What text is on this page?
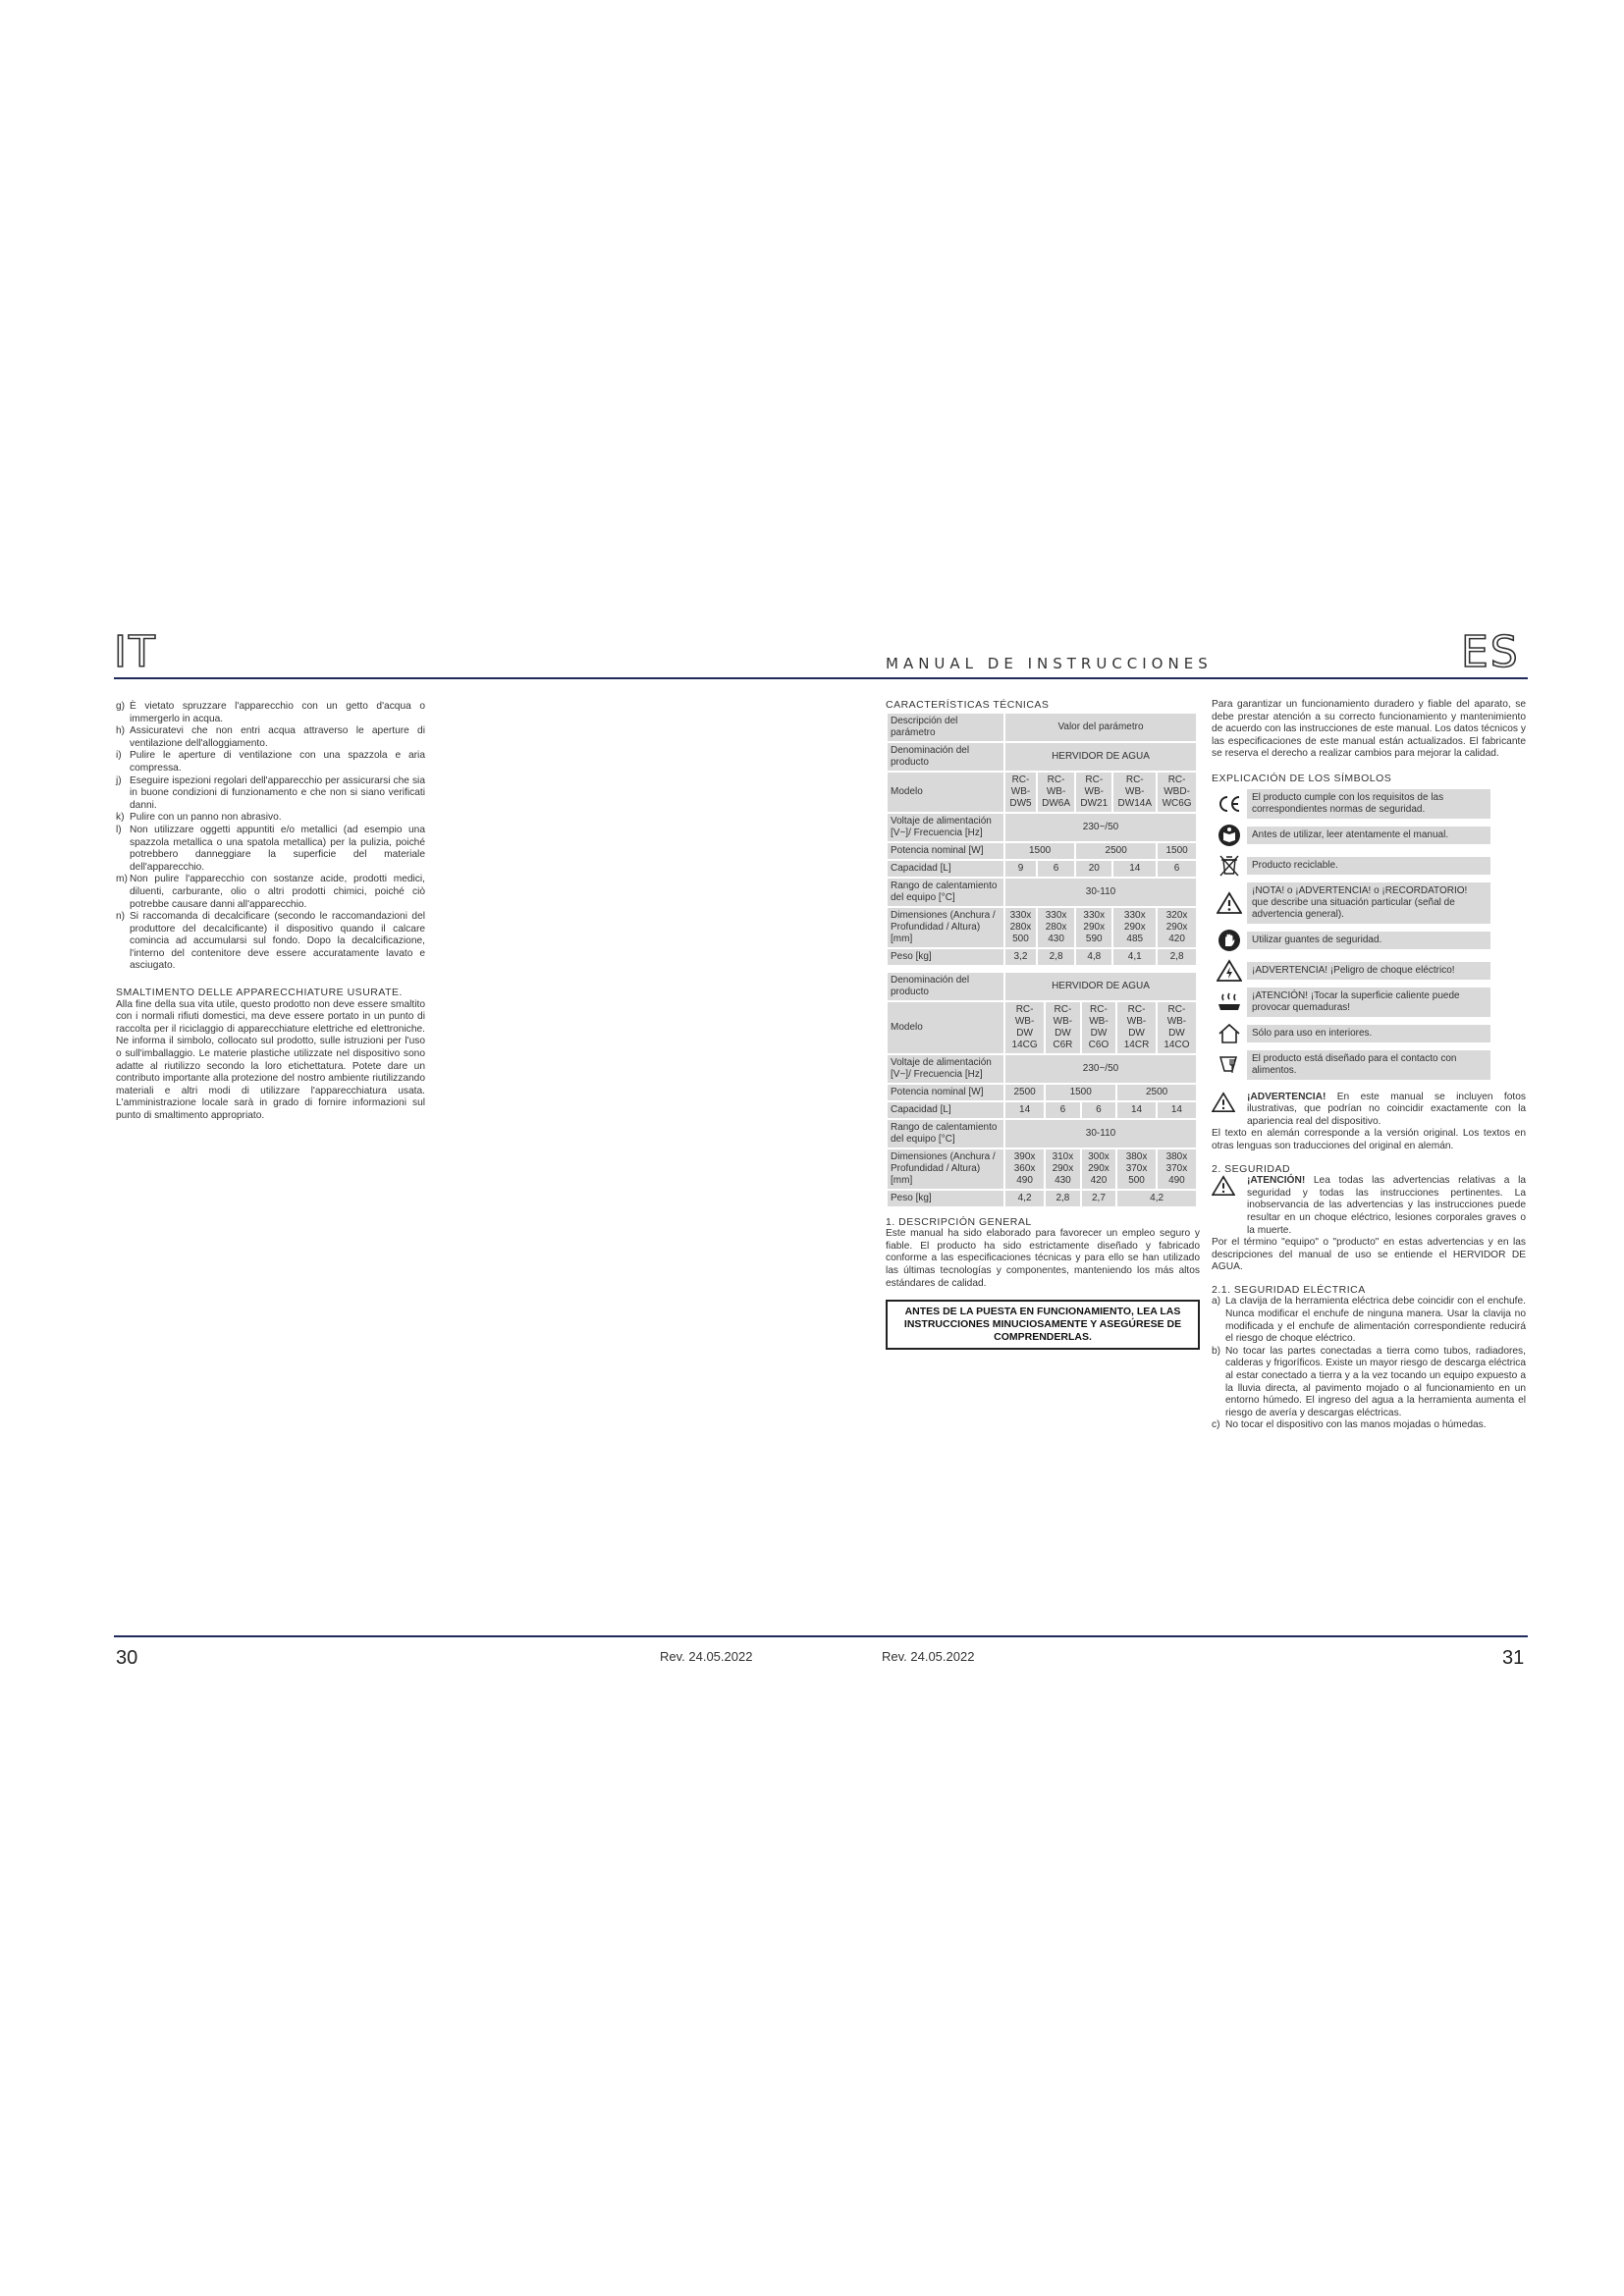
IT	ES
MANUAL DE INSTRUCCIONES
g) È vietato spruzzare l'apparecchio con un getto d'acqua o immergerlo in acqua.
h) Assicuratevi che non entri acqua attraverso le aperture di ventilazione dell'alloggiamento.
i) Pulire le aperture di ventilazione con una spazzola e aria compressa.
j) Eseguire ispezioni regolari dell'apparecchio per assicurarsi che sia in buone condizioni di funzionamento e che non si siano verificati danni.
k) Pulire con un panno non abrasivo.
l) Non utilizzare oggetti appuntiti e/o metallici (ad esempio una spazzola metallica o una spatola metallica) per la pulizia, poiché potrebbero danneggiare la superficie del materiale dell'apparecchio.
m) Non pulire l'apparecchio con sostanze acide, prodotti medici, diluenti, carburante, olio o altri prodotti chimici, poiché ciò potrebbe causare danni all'apparecchio.
n) Si raccomanda di decalcificare (secondo le raccomandazioni del produttore del decalcificante) il dispositivo quando il calcare comincia ad accumularsi sul fondo. Dopo la decalcificazione, l'interno del contenitore deve essere accuratamente lavato e asciugato.

SMALTIMENTO DELLE APPARECCHIATURE USURATE.

Alla fine della sua vita utile, questo prodotto non deve essere smaltito con i normali rifiuti domestici, ma deve essere portato in un punto di raccolta per il riciclaggio di apparecchiature elettriche ed elettroniche. Ne informa il simbolo, collocato sul prodotto, sulle istruzioni per l'uso o sull'imballaggio. Le materie plastiche utilizzate nel dispositivo sono adatte al riutilizzo secondo la loro etichettatura. Potete dare un contributo importante alla protezione del nostro ambiente riutilizzando materiali e altri modi di utilizzare l'apparecchiatura usata. L'amministrazione locale sarà in grado di fornire informazioni sul punto di smaltimento appropriato.

CARACTERÍSTICAS TÉCNICAS

Descripción del parámetro	Valor del parámetro				
Denominación del producto	HERVIDOR DE AGUA				
Modelo	RC-WB-DW5	RC-WB-DW6A	RC-WB-DW21	RC-WB-DW14A	RC-WBD-WC6G
Voltaje de alimentación [V~]/ Frecuencia [Hz]	230~/50				
Potencia nominal [W]	1500		2500		1500
Capacidad [L]	9	6	20	14	6
Rango de calentamiento del equipo [°C]	30-110				
Dimensiones (Anchura / Profundidad / Altura) [mm]	330x 280x 500	330x 280x 430	330x 290x 590	330x 290x 485	320x 290x 420
Peso [kg]	3,2	2,8	4,8	4,1	2,8
Denominación del producto	HERVIDOR DE AGUA				
Modelo	RC-WB-DW 14CG	RC-WB-DW C6R	RC-WB-DW C6O	RC-WB-DW 14CR	RC-WB-DW 14CO
Voltaje de alimentación [V~]/ Frecuencia [Hz]	230~/50				
Potencia nominal [W]	2500	1500		2500	
Capacidad [L]	14	6	6	14	14
Rango de calentamiento del equipo [°C]	30-110				
Dimensiones (Anchura / Profundidad / Altura) [mm]	390x 360x 490	310x 290x 430	300x 290x 420	380x 370x 500	380x 370x 490
Peso [kg]	4,2	2,8	2,7	4,2	

1. DESCRIPCIÓN GENERAL

Este manual ha sido elaborado para favorecer un empleo seguro y fiable. El producto ha sido estrictamente diseñado y fabricado conforme a las especificaciones técnicas y para ello se han utilizado las últimas tecnologías y componentes, manteniendo los más altos estándares de calidad.

ANTES DE LA PUESTA EN FUNCIONAMIENTO, LEA LAS INSTRUCCIONES MINUCIOSAMENTE Y ASEGÚRESE DE COMPRENDERLAS.

Para garantizar un funcionamiento duradero y fiable del aparato, se debe prestar atención a su correcto funcionamiento y mantenimiento de acuerdo con las instrucciones de este manual. Los datos técnicos y las especificaciones de este manual están actualizados. El fabricante se reserva el derecho a realizar cambios para mejorar la calidad.

EXPLICACIÓN DE LOS SÍMBOLOS

El producto cumple con los requisitos de las correspondientes normas de seguridad.
Antes de utilizar, leer atentamente el manual.
Producto reciclable.
¡NOTA! o ¡ADVERTENCIA! o ¡RECORDATORIO! que describe una situación particular (señal de advertencia general).
Utilizar guantes de seguridad.
¡ADVERTENCIA! ¡Peligro de choque eléctrico!
¡ATENCIÓN! ¡Tocar la superficie caliente puede provocar quemaduras!
Sólo para uso en interiores.
El producto está diseñado para el contacto con alimentos.
¡ADVERTENCIA! En este manual se incluyen fotos ilustrativas, que podrían no coincidir exactamente con la apariencia real del dispositivo.

El texto en alemán corresponde a la versión original. Los textos en otras lenguas son traducciones del original en alemán.

2. SEGURIDAD

¡ATENCIÓN! Lea todas las advertencias relativas a la seguridad y todas las instrucciones pertinentes. La inobservancia de las advertencias y las instrucciones puede resultar en un choque eléctrico, lesiones corporales graves o la muerte.

Por el término "equipo" o "producto" en estas advertencias y en las descripciones del manual de uso se entiende el HERVIDOR DE AGUA.

2.1. SEGURIDAD ELÉCTRICA

a) La clavija de la herramienta eléctrica debe coincidir con el enchufe. Nunca modificar el enchufe de ninguna manera. Usar la clavija no modificada y el enchufe de alimentación correspondiente reducirá el riesgo de choque eléctrico.
b) No tocar las partes conectadas a tierra como tubos, radiadores, calderas y frigoríficos. Existe un mayor riesgo de descarga eléctrica al estar conectado a tierra y a la vez tocando un equipo expuesto a la lluvia directa, al pavimento mojado o al funcionamiento en un entorno húmedo. El ingreso del agua a la herramienta aumenta el riesgo de avería y descargas eléctricas.
c) No tocar el dispositivo con las manos mojadas o húmedas.
30	Rev. 24.05.2022	Rev. 24.05.2022	31
